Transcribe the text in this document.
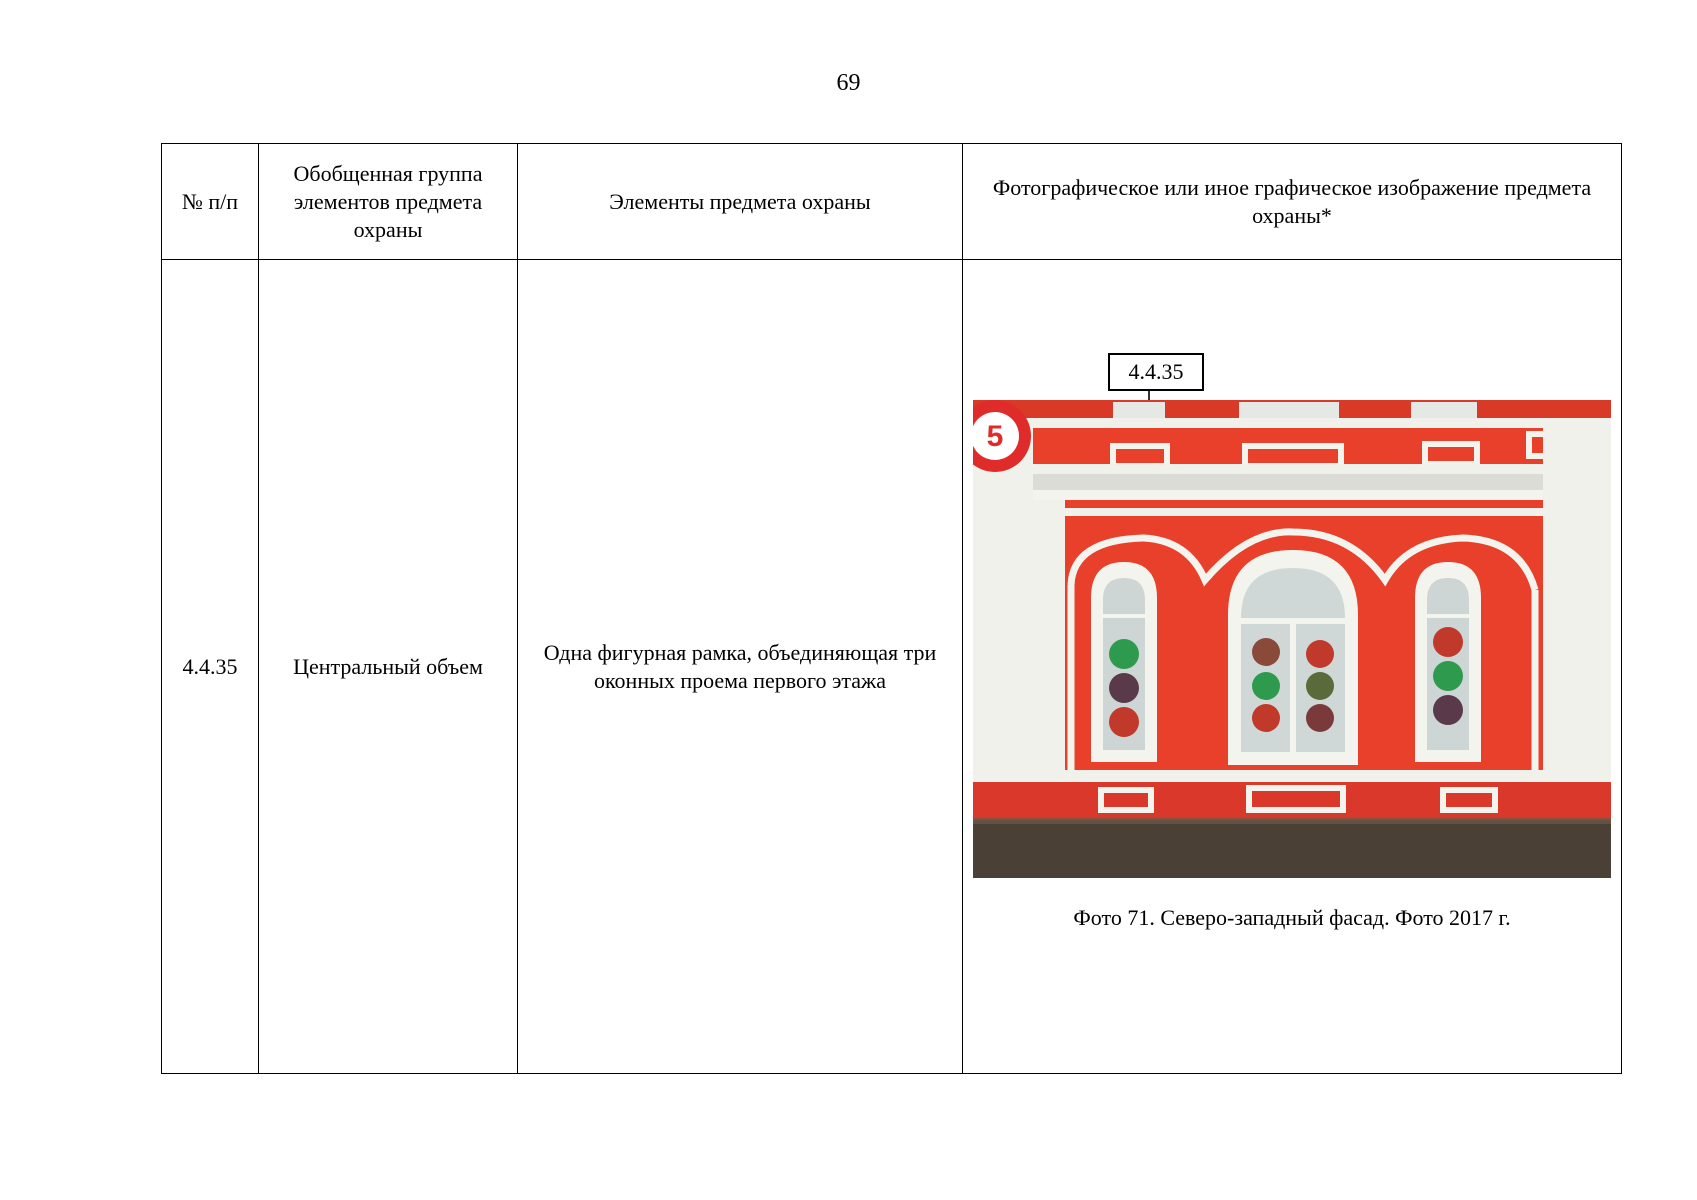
69
№ п/п	Обобщенная группа элементов предмета охраны	Элементы предмета охраны	Фотографическое или иное графическое изображение предмета охраны*
4.4.35	Центральный объем	Одна фигурная рамка, объединяющая три оконных проема первого этажа	4.4.35
5
Фото 71. Северо-западный фасад. Фото 2017 г.
